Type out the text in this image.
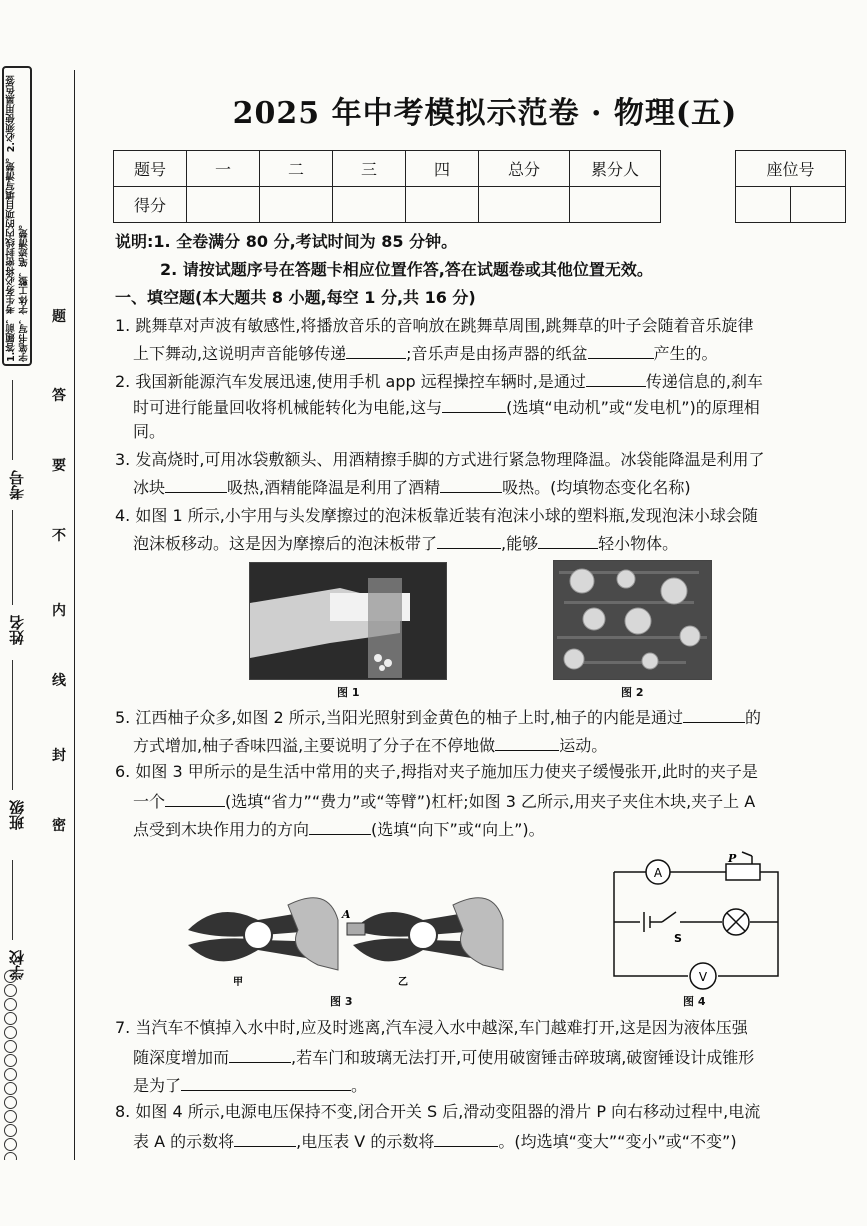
1.答题前，考生务必将密封线内的项目填写清楚。2.必须使用黑色签字笔书写，字体工整，笔迹清楚。
学校
班级
姓名
考号
题
答
要
不
内
线
封
密
2025 年中考模拟示范卷 · 物理(五)
题号	一	二	三	四	总分	累分人
得分						
座位号

说明:1. 全卷满分 80 分,考试时间为 85 分钟。
2. 请按试题序号在答题卡相应位置作答,答在试题卷或其他位置无效。
一、填空题(本大题共 8 小题,每空 1 分,共 16 分)
1. 跳舞草对声波有敏感性,将播放音乐的音响放在跳舞草周围,跳舞草的叶子会随着音乐旋律
上下舞动,这说明声音能够传递	;音乐声是由扬声器的纸盆	产生的。
2. 我国新能源汽车发展迅速,使用手机 app 远程操控车辆时,是通过	传递信息的,刹车
时可进行能量回收将机械能转化为电能,这与	(选填“电动机”或“发电机”)的原理相
同。
3. 发高烧时,可用冰袋敷额头、用酒精擦手脚的方式进行紧急物理降温。冰袋能降温是利用了
冰块	吸热,酒精能降温是利用了酒精	吸热。(均填物态变化名称)
4. 如图 1 所示,小宇用与头发摩擦过的泡沫板靠近装有泡沫小球的塑料瓶,发现泡沫小球会随
泡沫板移动。这是因为摩擦后的泡沫板带了	,能够	轻小物体。
图 1	图 2
5. 江西柚子众多,如图 2 所示,当阳光照射到金黄色的柚子上时,柚子的内能是通过	的
方式增加,柚子香味四溢,主要说明了分子在不停地做	运动。
6. 如图 3 甲所示的是生活中常用的夹子,拇指对夹子施加压力使夹子缓慢张开,此时的夹子是
一个	(选填“省力”“费力”或“等臂”)杠杆;如图 3 乙所示,用夹子夹住木块,夹子上 A
点受到木块作用力的方向	(选填“向下”或“向上”)。
甲
A
乙
图 3
A
P
S
V
图 4
7. 当汽车不慎掉入水中时,应及时逃离,汽车浸入水中越深,车门越难打开,这是因为液体压强
随深度增加而	,若车门和玻璃无法打开,可使用破窗锤击碎玻璃,破窗锤设计成锥形
是为了	。
8. 如图 4 所示,电源电压保持不变,闭合开关 S 后,滑动变阻器的滑片 P 向右移动过程中,电流
表 A 的示数将	,电压表 V 的示数将	。(均选填“变大”“变小”或“不变”)
